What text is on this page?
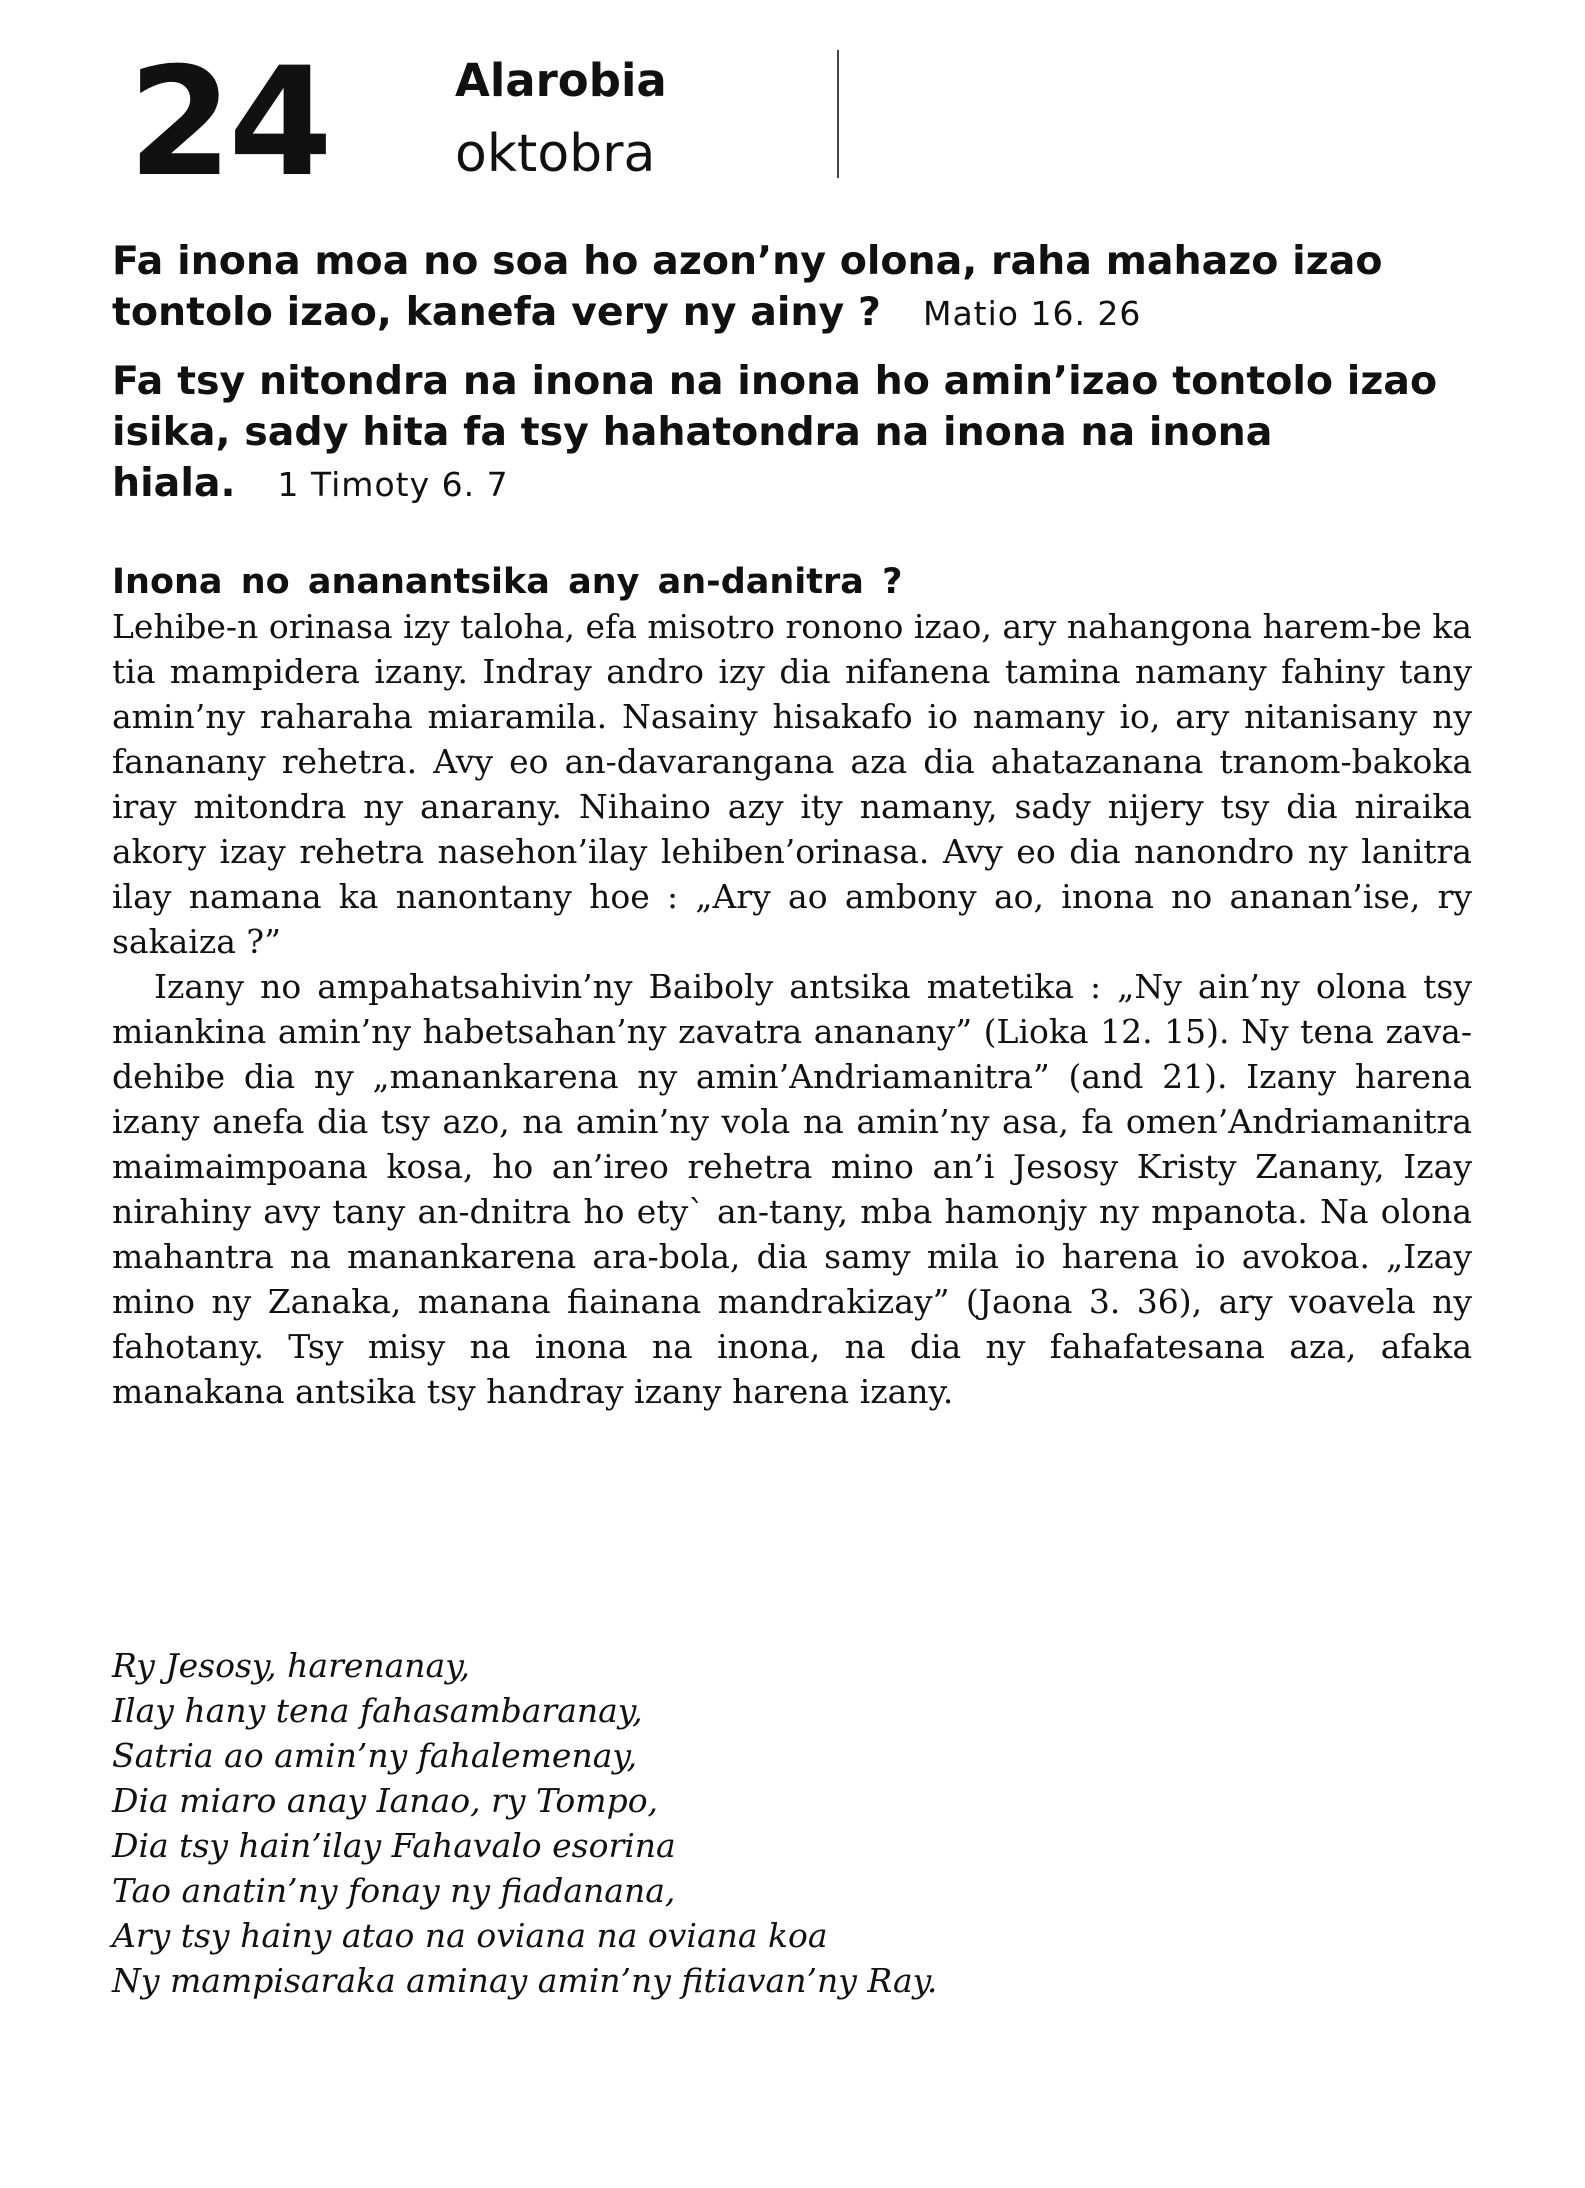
24	Alarobia
oktobra

Fa inona moa no soa ho azon’ny olona, raha mahazo izao tontolo izao, kanefa very ny ainy ? Matio 16. 26

Fa tsy nitondra na inona na inona ho amin’izao tontolo izao isika, sady hita fa tsy hahatondra na inona na inona hiala. 1 Timoty 6. 7

Inona no ananantsika any an-danitra ?

Lehibe-n orinasa izy taloha, efa misotro ronono izao, ary nahangona harem-be ka tia mampidera izany. Indray andro izy dia nifanena tamina namany fahiny tany amin’ny raharaha miaramila. Nasainy hisakafo io namany io, ary nitanisany ny fananany rehetra. Avy eo an-davarangana aza dia ahatazanana tranom-bakoka iray mitondra ny anarany. Nihaino azy ity namany, sady nijery tsy dia niraika akory izay rehetra nasehon’ilay lehiben’orinasa. Avy eo dia nanondro ny lanitra ilay namana ka nanontany hoe : „Ary ao ambony ao, inona no ananan’ise, ry sakaiza ?”

Izany no ampahatsahivin’ny Baiboly antsika matetika : „Ny ain’ny olona tsy miankina amin’ny habetsahan’ny zavatra ananany” (Lioka 12. 15). Ny tena zava-dehibe dia ny „manankarena ny amin’Andriamanitra” (and 21). Izany harena izany anefa dia tsy azo, na amin’ny vola na amin’ny asa, fa omen’Andriamanitra maimaimpoana kosa, ho an’ireo rehetra mino an’i Jesosy Kristy Zanany, Izay nirahiny avy tany an-dnitra ho ety` an-tany, mba hamonjy ny mpanota. Na olona mahantra na manankarena ara-bola, dia samy mila io harena io avokoa. „Izay mino ny Zanaka, manana fiainana mandrakizay” (Jaona 3. 36), ary voavela ny fahotany. Tsy misy na inona na inona, na dia ny fahafatesana aza, afaka manakana antsika tsy handray izany harena izany.

Ry Jesosy, harenanay,
Ilay hany tena fahasambaranay,
Satria ao amin’ny fahalemenay,
Dia miaro anay Ianao, ry Tompo,
Dia tsy hain’ilay Fahavalo esorina
Tao anatin’ny fonay ny fiadanana,
Ary tsy hainy atao na oviana na oviana koa
Ny mampisaraka aminay amin’ny fitiavan’ny Ray.
